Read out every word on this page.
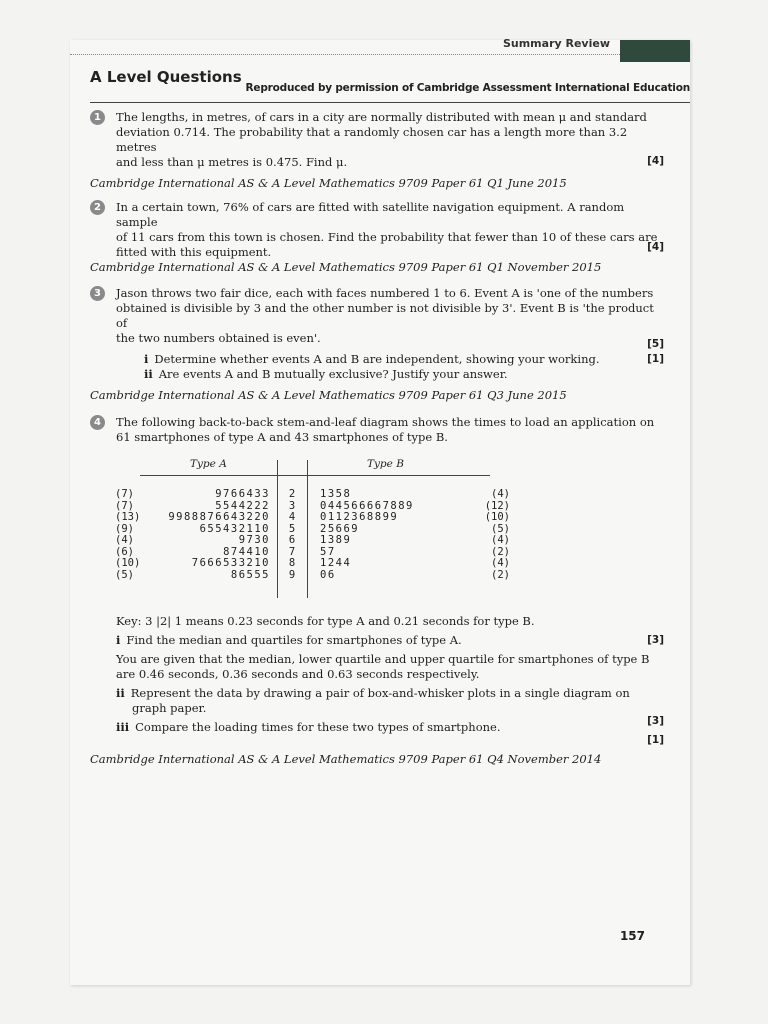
Summary Review
A Level Questions
Reproduced by permission of Cambridge Assessment International Education
1	The lengths, in metres, of cars in a city are normally distributed with mean μ and standard
deviation 0.714. The probability that a randomly chosen car has a length more than 3.2 metres
and less than μ metres is 0.475. Find μ.	[4]
Cambridge International AS & A Level Mathematics 9709 Paper 61 Q1 June 2015
2	In a certain town, 76% of cars are fitted with satellite navigation equipment. A random sample
of 11 cars from this town is chosen. Find the probability that fewer than 10 of these cars are
fitted with this equipment.	[4]
Cambridge International AS & A Level Mathematics 9709 Paper 61 Q1 November 2015
3	Jason throws two fair dice, each with faces numbered 1 to 6. Event A is 'one of the numbers
obtained is divisible by 3 and the other number is not divisible by 3'. Event B is 'the product of
the two numbers obtained is even'.
i Determine whether events A and B are independent, showing your working.
ii Are events A and B mutually exclusive? Justify your answer.
[5]
[1]
Cambridge International AS & A Level Mathematics 9709 Paper 61 Q3 June 2015
4	The following back-to-back stem-and-leaf diagram shows the times to load an application on
61 smartphones of type A and 43 smartphones of type B.
Type A	Type B
(7)	9766433 2 1358	(4)
(7)	5544222 3 044566667889	(12)
(13)	9988876643220 4 0112368899	(10)
(9)	655432110 5 25669	(5)
(4)	9730 6 1389	(4)
(6)	874410 7 57	(2)
(10)	7666533210 8 1244	(4)
(5)	86555 9 06	(2)
Key: 3 |2| 1 means 0.23 seconds for type A and 0.21 seconds for type B.
i Find the median and quartiles for smartphones of type A.
You are given that the median, lower quartile and upper quartile for smartphones of type B
are 0.46 seconds, 0.36 seconds and 0.63 seconds respectively.
ii Represent the data by drawing a pair of box-and-whisker plots in a single diagram on
graph paper.
iii Compare the loading times for these two types of smartphone.
[3]
[3]
[1]
Cambridge International AS & A Level Mathematics 9709 Paper 61 Q4 November 2014
157
